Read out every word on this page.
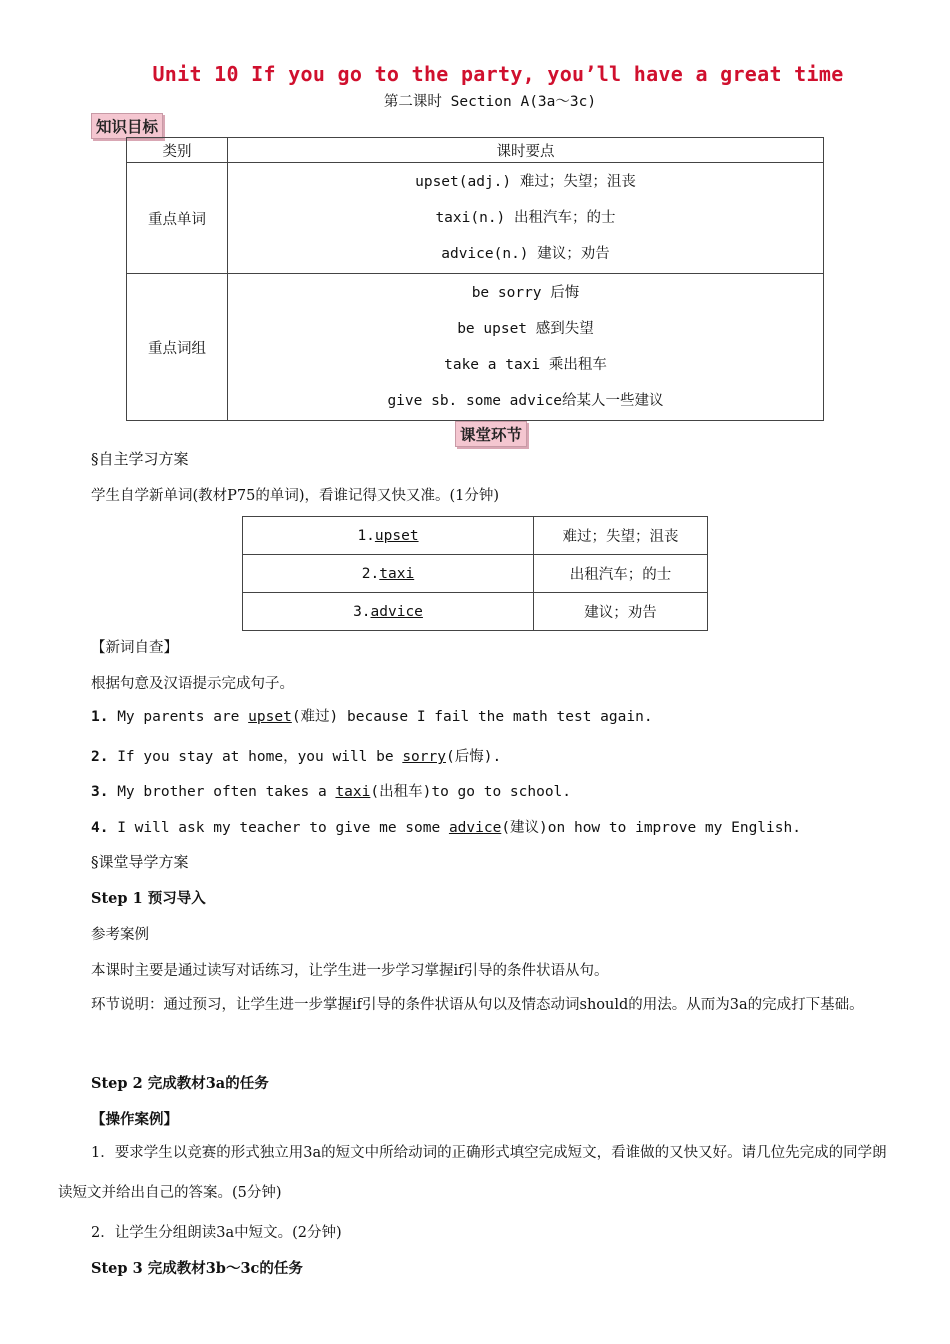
Unit 10 If you go to the party, you’ll have a great time
第二课时 Section A(3a～3c)
知识目标
类别	课时要点
重点单词	upset(adj.) 难过；失望；沮丧
taxi(n.) 出租汽车；的士
advice(n.) 建议；劝告

重点词组	be sorry 后悔
be upset 感到失望
take a taxi 乘出租车
give sb. some advice给某人一些建议
课堂环节
§自主学习方案
学生自学新单词(教材P75的单词)，看谁记得又快又准。(1分钟)
1.upset	难过；失望；沮丧
2.taxi	出租汽车；的士
3.advice	建议；劝告
【新词自查】
根据句意及汉语提示完成句子。
1. My parents are upset(难过) because I fail the math test again.
2. If you stay at home，you will be sorry(后悔).
3. My brother often takes a taxi(出租车)to go to school.
4. I will ask my teacher to give me some advice(建议)on how to improve my English.
§课堂导学方案
Step 1 预习导入
参考案例
本课时主要是通过读写对话练习，让学生进一步学习掌握if引导的条件状语从句。
环节说明：通过预习，让学生进一步掌握if引导的条件状语从句以及情态动词should的用法。从而为3a的完成打下基础。
Step 2 完成教材3a的任务
【操作案例】
1．要求学生以竞赛的形式独立用3a的短文中所给动词的正确形式填空完成短文，看谁做的又快又好。请几位先完成的同学朗读短文并给出自己的答案。(5分钟)
2．让学生分组朗读3a中短文。(2分钟)
Step 3 完成教材3b～3c的任务
